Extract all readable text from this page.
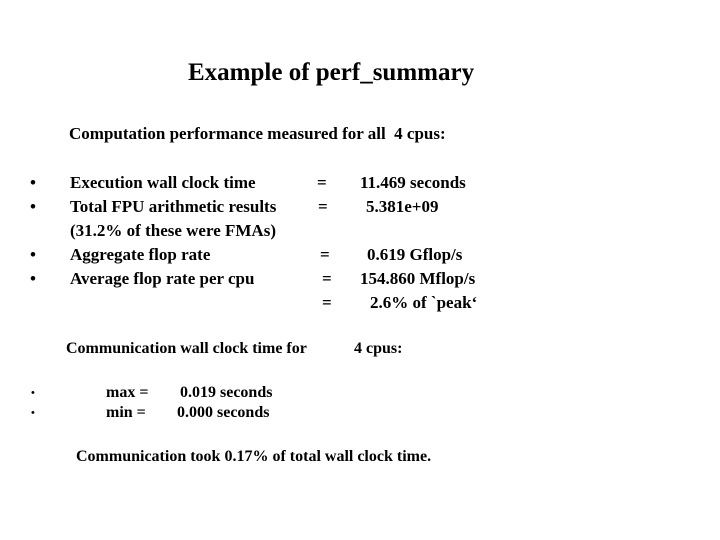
Example of perf_summary
Computation performance measured for all  4 cpus:
• Execution wall clock time	= 11.469 seconds
• Total FPU arithmetic results = 5.381e+09
(31.2% of these were FMAs)
• Aggregate flop rate	= 0.619 Gflop/s
• Average flop rate per cpu	= 154.860 Mflop/s
= 2.6% of `peak‘
Communication wall clock time for	4 cpus:
•	max = 0.019 seconds
•	min = 0.000 seconds
Communication took 0.17% of total wall clock time.
